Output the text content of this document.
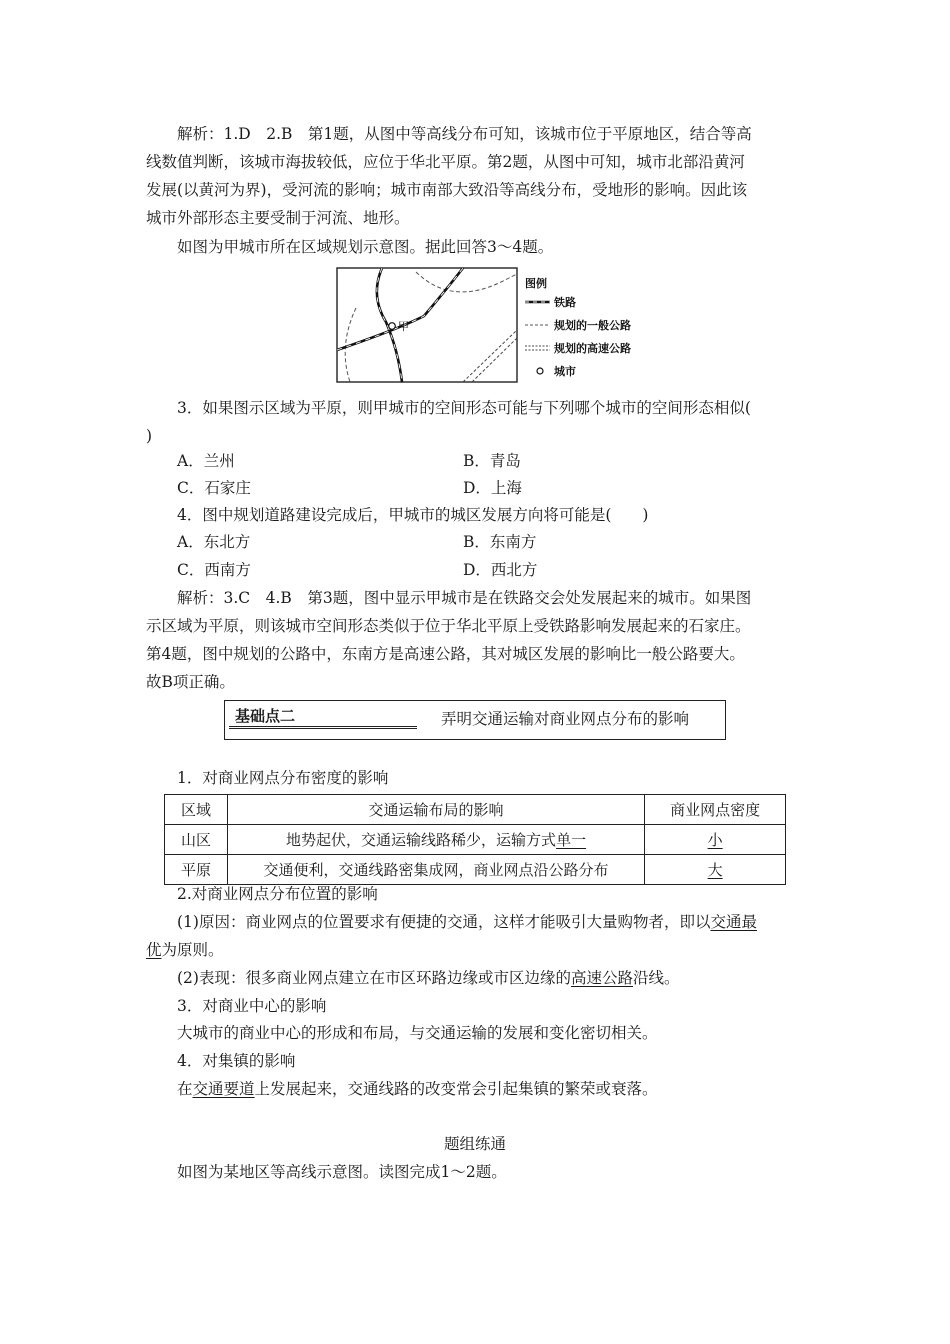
解析：1.D　2.B　第1题，从图中等高线分布可知，该城市位于平原地区，结合等高
线数值判断，该城市海拔较低，应位于华北平原。第2题，从图中可知，城市北部沿黄河
发展(以黄河为界)，受河流的影响；城市南部大致沿等高线分布，受地形的影响。因此该
城市外部形态主要受制于河流、地形。
如图为甲城市所在区域规划示意图。据此回答3～4题。
甲
图例
铁路
规划的一般公路
规划的高速公路
城市
3．如果图示区域为平原，则甲城市的空间形态可能与下列哪个城市的空间形态相似(
)
A．兰州	B．青岛
C．石家庄	D．上海
4．图中规划道路建设完成后，甲城市的城区发展方向将可能是(　　)
A．东北方	B．东南方
C．西南方	D．西北方
解析：3.C　4.B　第3题，图中显示甲城市是在铁路交会处发展起来的城市。如果图
示区域为平原，则该城市空间形态类似于位于华北平原上受铁路影响发展起来的石家庄。
第4题，图中规划的公路中，东南方是高速公路，其对城区发展的影响比一般公路要大。
故B项正确。
基础点二	弄明交通运输对商业网点分布的影响
1．对商业网点分布密度的影响
区域	交通运输布局的影响	商业网点密度
山区	地势起伏，交通运输线路稀少，运输方式单一	小
平原	交通便利，交通线路密集成网，商业网点沿公路分布	大
2.对商业网点分布位置的影响
(1)原因：商业网点的位置要求有便捷的交通，这样才能吸引大量购物者，即以交通最
优为原则。
(2)表现：很多商业网点建立在市区环路边缘或市区边缘的高速公路沿线。
3．对商业中心的影响
大城市的商业中心的形成和布局，与交通运输的发展和变化密切相关。
4．对集镇的影响
在交通要道上发展起来，交通线路的改变常会引起集镇的繁荣或衰落。
题组练通
如图为某地区等高线示意图。读图完成1～2题。
